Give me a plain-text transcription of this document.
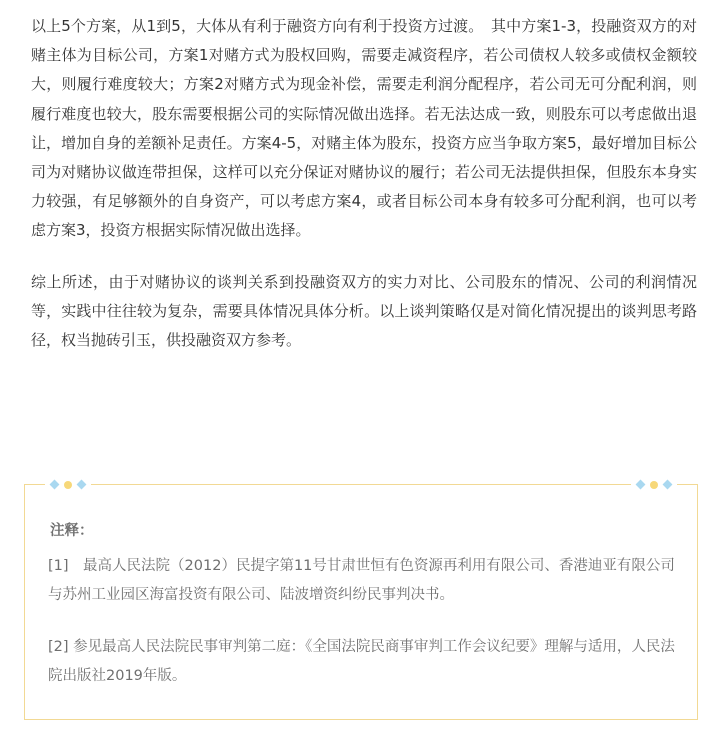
以上5个方案，从1到5，大体从有利于融资方向有利于投资方过渡。　其中方案1-3，投融资双方的对赌主体为目标公司，方案1对赌方式为股权回购，需要走减资程序，若公司债权人较多或债权金额较大，则履行难度较大；方案2对赌方式为现金补偿，需要走利润分配程序，若公司无可分配利润，则履行难度也较大，股东需要根据公司的实际情况做出选择。若无法达成一致，则股东可以考虑做出退让，增加自身的差额补足责任。方案4-5，对赌主体为股东，投资方应当争取方案5，最好增加目标公司为对赌协议做连带担保，这样可以充分保证对赌协议的履行；若公司无法提供担保，但股东本身实力较强，有足够额外的自身资产，可以考虑方案4，或者目标公司本身有较多可分配利润，也可以考虑方案3，投资方根据实际情况做出选择。

综上所述，由于对赌协议的谈判关系到投融资双方的实力对比、公司股东的情况、公司的利润情况等，实践中往往较为复杂，需要具体情况具体分析。以上谈判策略仅是对简化情况提出的谈判思考路径，权当抛砖引玉，供投融资双方参考。

注释：

[1]　最高人民法院（2012）民提字第11号甘肃世恒有色资源再利用有限公司、香港迪亚有限公司与苏州工业园区海富投资有限公司、陆波增资纠纷民事判决书。

[2] 参见最高人民法院民事审判第二庭：《全国法院民商事审判工作会议纪要》理解与适用，人民法院出版社2019年版。
